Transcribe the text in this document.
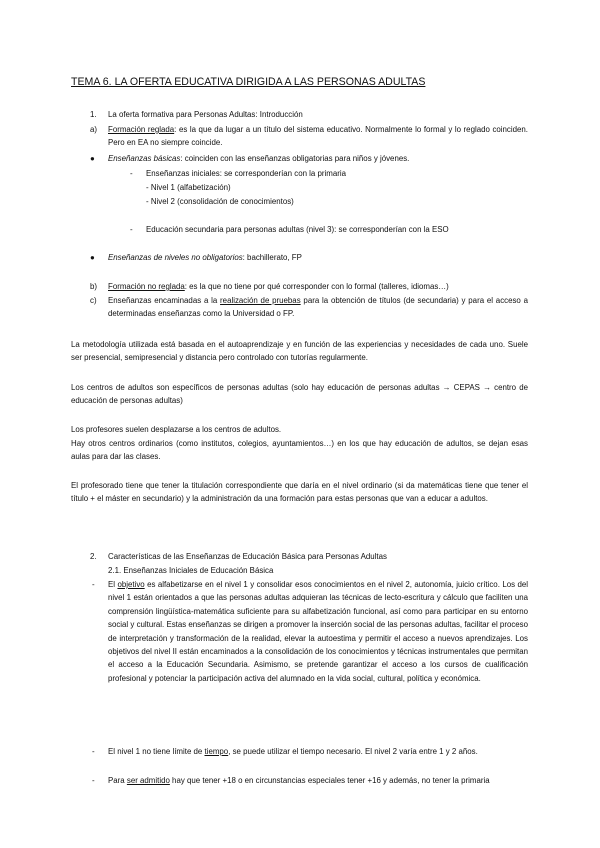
TEMA 6. LA OFERTA EDUCATIVA DIRIGIDA A LAS PERSONAS ADULTAS
1. La oferta formativa para Personas Adultas: Introducción
a) Formación reglada: es la que da lugar a un título del sistema educativo. Normalmente lo formal y lo reglado coinciden. Pero en EA no siempre coincide.
● Enseñanzas básicas: coinciden con las enseñanzas obligatorias para niños y jóvenes.
- Enseñanzas iniciales: se corresponderían con la primaria
- Nivel 1 (alfabetización)
- Nivel 2 (consolidación de conocimientos)
- Educación secundaria para personas adultas (nivel 3): se corresponderían con la ESO
● Enseñanzas de niveles no obligatorios: bachillerato, FP
b) Formación no reglada: es la que no tiene por qué corresponder con lo formal (talleres, idiomas…)
c) Enseñanzas encaminadas a la realización de pruebas para la obtención de títulos (de secundaria) y para el acceso a determinadas enseñanzas como la Universidad o FP.
La metodología utilizada está basada en el autoaprendizaje y en función de las experiencias y necesidades de cada uno. Suele ser presencial, semipresencial y distancia pero controlado con tutorías regularmente.
Los centros de adultos son específicos de personas adultas (solo hay educación de personas adultas → CEPAS → centro de educación de personas adultas)
Los profesores suelen desplazarse a los centros de adultos.
Hay otros centros ordinarios (como institutos, colegios, ayuntamientos…) en los que hay educación de adultos, se dejan esas aulas para dar las clases.
El profesorado tiene que tener la titulación correspondiente que daría en el nivel ordinario (si da matemáticas tiene que tener el título + el máster en secundario) y la administración da una formación para estas personas que van a educar a adultos.
2. Características de las Enseñanzas de Educación Básica para Personas Adultas
2.1. Enseñanzas Iniciales de Educación Básica
- El objetivo es alfabetizarse en el nivel 1 y consolidar esos conocimientos en el nivel 2, autonomía, juicio crítico. Los del nivel 1 están orientados a que las personas adultas adquieran las técnicas de lecto-escritura y cálculo que faciliten una comprensión lingüística-matemática suficiente para su alfabetización funcional, así como para participar en su entorno social y cultural. Estas enseñanzas se dirigen a promover la inserción social de las personas adultas, facilitar el proceso de interpretación y transformación de la realidad, elevar la autoestima y permitir el acceso a nuevos aprendizajes. Los objetivos del nivel II están encaminados a la consolidación de los conocimientos y técnicas instrumentales que permitan el acceso a la Educación Secundaria. Asimismo, se pretende garantizar el acceso a los cursos de cualificación profesional y potenciar la participación activa del alumnado en la vida social, cultural, política y económica.
- El nivel 1 no tiene límite de tiempo, se puede utilizar el tiempo necesario. El nivel 2 varía entre 1 y 2 años.
- Para ser admitido hay que tener +18 o en circunstancias especiales tener +16 y además, no tener la primaria
